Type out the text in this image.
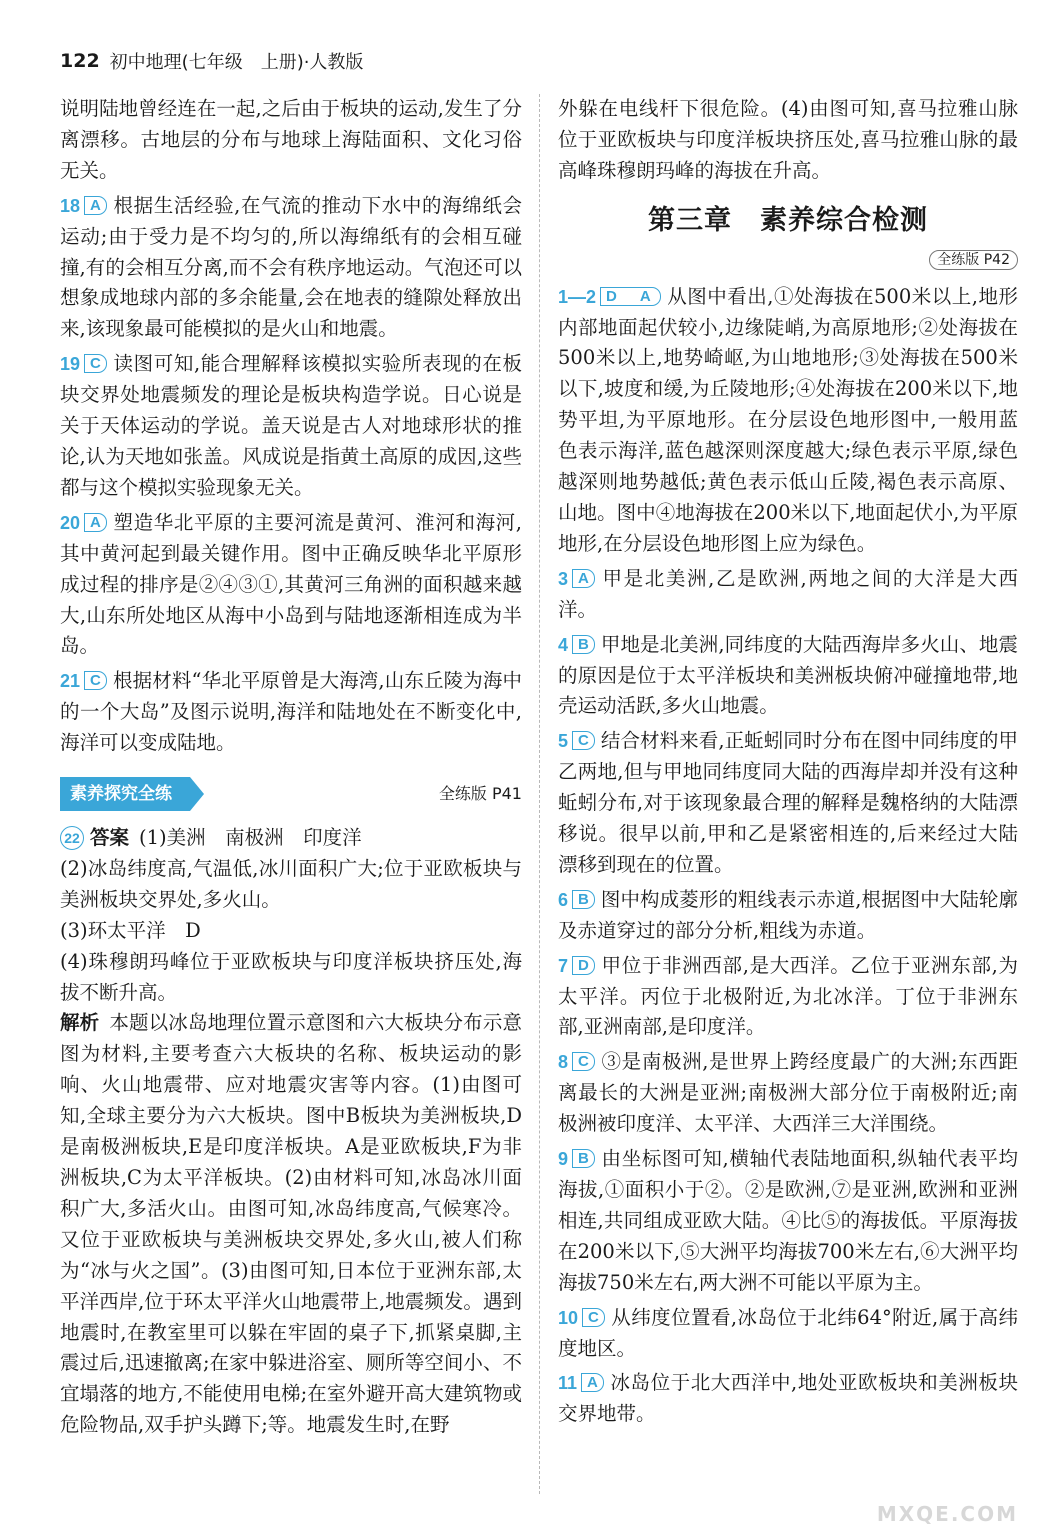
122 初中地理(七年级　上册)·人教版

说明陆地曾经连在一起,之后由于板块的运动,发生了分离漂移。古地层的分布与地球上海陆面积、文化习俗无关。

18 A 根据生活经验,在气流的推动下水中的海绵纸会运动;由于受力是不均匀的,所以海绵纸有的会相互碰撞,有的会相互分离,而不会有秩序地运动。气泡还可以想象成地球内部的多余能量,会在地表的缝隙处释放出来,该现象最可能模拟的是火山和地震。

19 C 读图可知,能合理解释该模拟实验所表现的在板块交界处地震频发的理论是板块构造学说。日心说是关于天体运动的学说。盖天说是古人对地球形状的推论,认为天地如张盖。风成说是指黄土高原的成因,这些都与这个模拟实验现象无关。

20 A 塑造华北平原的主要河流是黄河、淮河和海河,其中黄河起到最关键作用。图中正确反映华北平原形成过程的排序是②④③①,其黄河三角洲的面积越来越大,山东所处地区从海中小岛到与陆地逐渐相连成为半岛。

21 C 根据材料“华北平原曾是大海湾,山东丘陵为海中的一个大岛”及图示说明,海洋和陆地处在不断变化中,海洋可以变成陆地。

素养探究全练	全练版 P41

22 答案 (1)美洲　南极洲　印度洋

(2)冰岛纬度高,气温低,冰川面积广大;位于亚欧板块与美洲板块交界处,多火山。

(3)环太平洋　D

(4)珠穆朗玛峰位于亚欧板块与印度洋板块挤压处,海拔不断升高。

解析 本题以冰岛地理位置示意图和六大板块分布示意图为材料,主要考查六大板块的名称、板块运动的影响、火山地震带、应对地震灾害等内容。(1)由图可知,全球主要分为六大板块。图中B板块为美洲板块,D是南极洲板块,E是印度洋板块。A是亚欧板块,F为非洲板块,C为太平洋板块。(2)由材料可知,冰岛冰川面积广大,多活火山。由图可知,冰岛纬度高,气候寒冷。又位于亚欧板块与美洲板块交界处,多火山,被人们称为“冰与火之国”。(3)由图可知,日本位于亚洲东部,太平洋西岸,位于环太平洋火山地震带上,地震频发。遇到地震时,在教室里可以躲在牢固的桌子下,抓紧桌脚,主震过后,迅速撤离;在家中躲进浴室、厕所等空间小、不宜塌落的地方,不能使用电梯;在室外避开高大建筑物或危险物品,双手护头蹲下;等。地震发生时,在野

外躲在电线杆下很危险。(4)由图可知,喜马拉雅山脉位于亚欧板块与印度洋板块挤压处,喜马拉雅山脉的最高峰珠穆朗玛峰的海拔在升高。

第三章　素养综合检测
全练版 P42

1—2 D　A 从图中看出,①处海拔在500米以上,地形内部地面起伏较小,边缘陡峭,为高原地形;②处海拔在500米以上,地势崎岖,为山地地形;③处海拔在500米以下,坡度和缓,为丘陵地形;④处海拔在200米以下,地势平坦,为平原地形。在分层设色地形图中,一般用蓝色表示海洋,蓝色越深则深度越大;绿色表示平原,绿色越深则地势越低;黄色表示低山丘陵,褐色表示高原、山地。图中④地海拔在200米以下,地面起伏小,为平原地形,在分层设色地形图上应为绿色。

3 A 甲是北美洲,乙是欧洲,两地之间的大洋是大西洋。

4 B 甲地是北美洲,同纬度的大陆西海岸多火山、地震的原因是位于太平洋板块和美洲板块俯冲碰撞地带,地壳运动活跃,多火山地震。

5 C 结合材料来看,正蚯蚓同时分布在图中同纬度的甲乙两地,但与甲地同纬度同大陆的西海岸却并没有这种蚯蚓分布,对于该现象最合理的解释是魏格纳的大陆漂移说。很早以前,甲和乙是紧密相连的,后来经过大陆漂移到现在的位置。

6 B 图中构成菱形的粗线表示赤道,根据图中大陆轮廓及赤道穿过的部分分析,粗线为赤道。

7 D 甲位于非洲西部,是大西洋。乙位于亚洲东部,为太平洋。丙位于北极附近,为北冰洋。丁位于非洲东部,亚洲南部,是印度洋。

8 C ③是南极洲,是世界上跨经度最广的大洲;东西距离最长的大洲是亚洲;南极洲大部分位于南极附近;南极洲被印度洋、太平洋、大西洋三大洋围绕。

9 B 由坐标图可知,横轴代表陆地面积,纵轴代表平均海拔,①面积小于②。②是欧洲,⑦是亚洲,欧洲和亚洲相连,共同组成亚欧大陆。④比⑤的海拔低。平原海拔在200米以下,⑤大洲平均海拔700米左右,⑥大洲平均海拔750米左右,两大洲不可能以平原为主。

10 C 从纬度位置看,冰岛位于北纬64°附近,属于高纬度地区。

11 A 冰岛位于北大西洋中,地处亚欧板块和美洲板块交界地带。

MXQE.COM
